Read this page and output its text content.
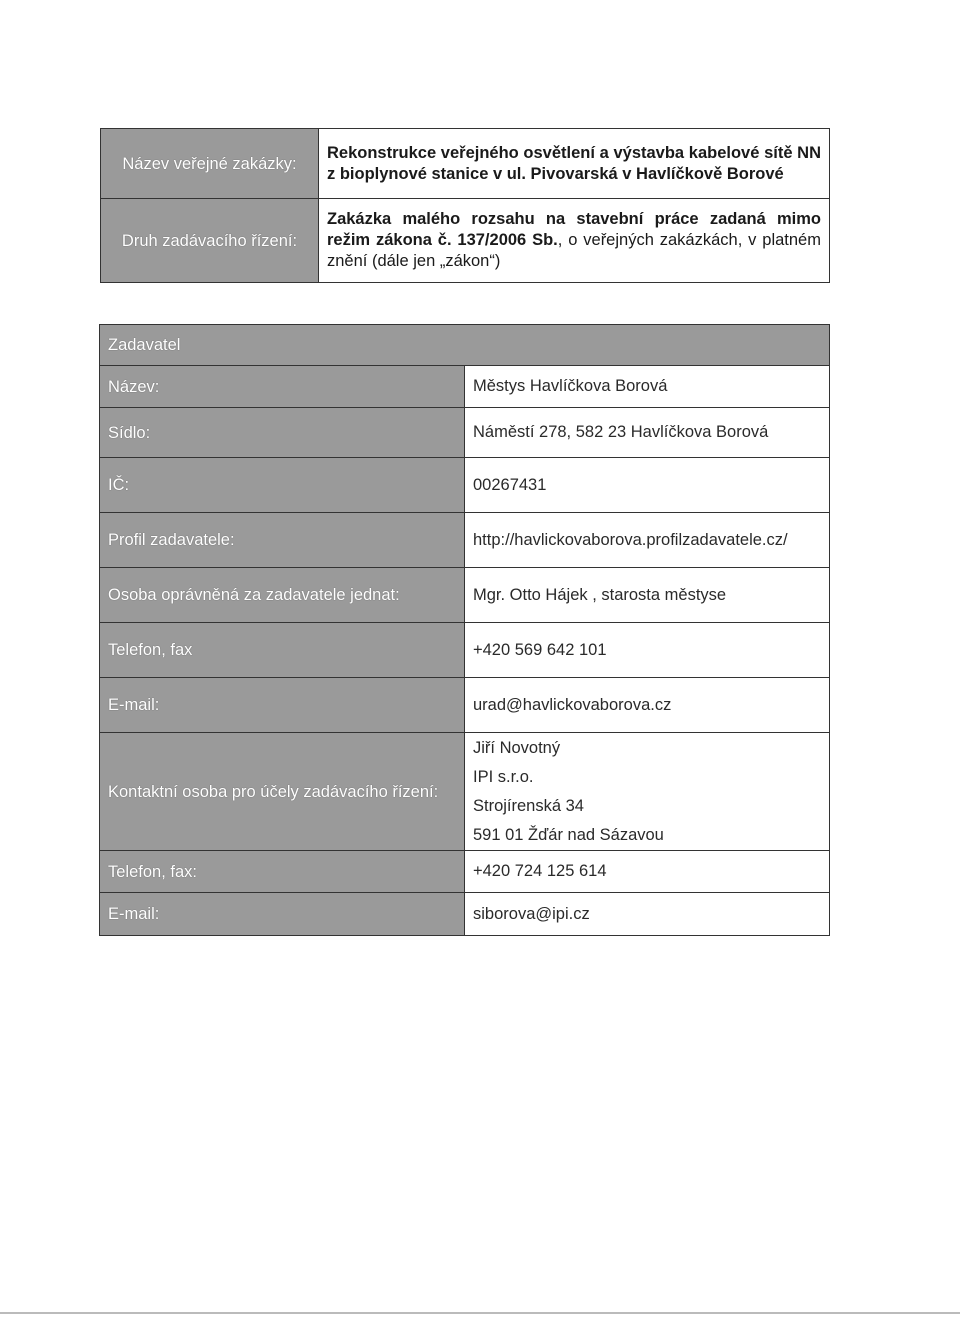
Název veřejné zakázky:	Rekonstrukce veřejného osvětlení a výstavba kabelové sítě NN z bioplynové stanice v ul. Pivovarská v Havlíčkově Borové
Druh zadávacího řízení:	Zakázka malého rozsahu na stavební práce zadaná mimo režim zákona č. 137/2006 Sb., o veřejných zakázkách, v platném znění (dále jen „zákon“)
Zadavatel	
Název:	Městys Havlíčkova Borová
Sídlo:	Náměstí 278, 582 23 Havlíčkova Borová
IČ:	00267431
Profil zadavatele:	http://havlickovaborova.profilzadavatele.cz/
Osoba oprávněná za zadavatele jednat:	Mgr. Otto Hájek , starosta městyse
Telefon, fax	+420 569 642 101
E-mail:	urad@havlickovaborova.cz
Kontaktní osoba pro účely zadávacího řízení:	Jiří Novotný
IPI s.r.o.
Strojírenská 34
591 01 Žďár nad Sázavou

Telefon, fax:	+420 724 125 614
E-mail:	siborova@ipi.cz
